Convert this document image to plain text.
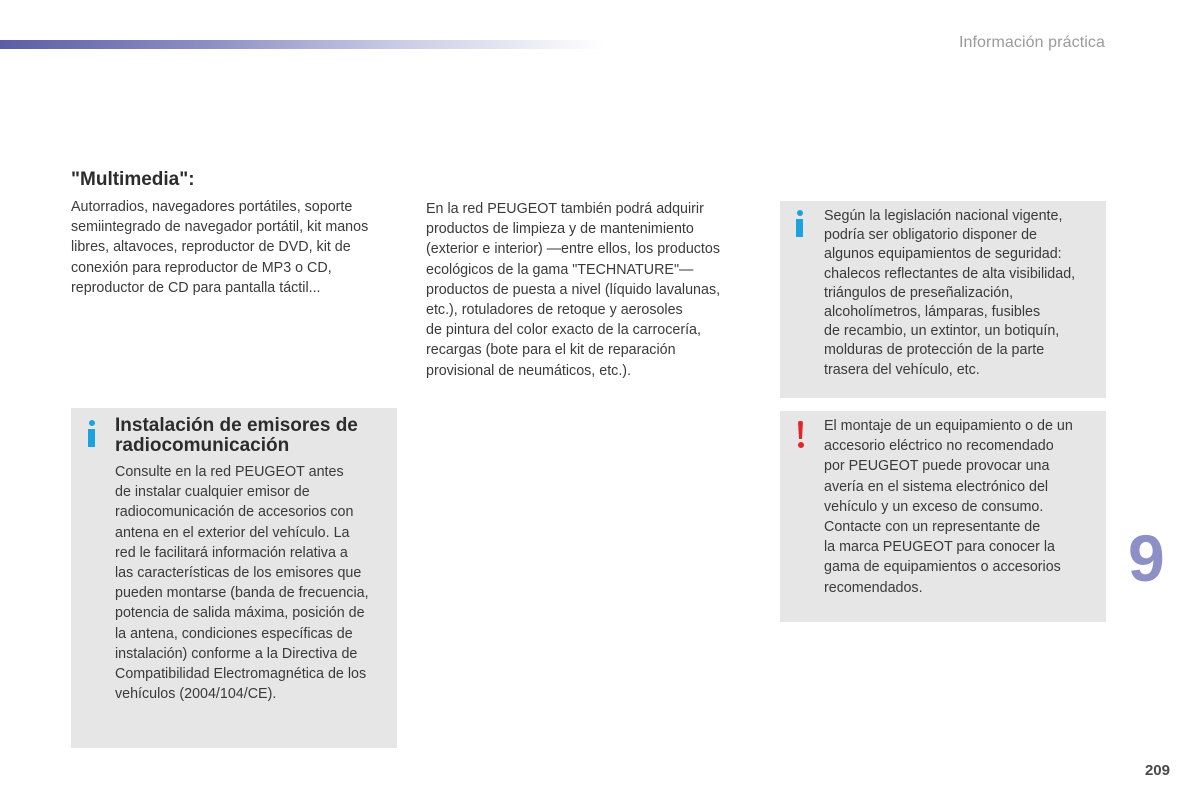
Información práctica
"Multimedia":
Autorradios, navegadores portátiles, soporte
semiintegrado de navegador portátil, kit manos
libres, altavoces, reproductor de DVD, kit de
conexión para reproductor de MP3 o CD,
reproductor de CD para pantalla táctil...
En la red PEUGEOT también podrá adquirir
productos de limpieza y de mantenimiento
(exterior e interior) —entre ellos, los productos
ecológicos de la gama "TECHNATURE"—
productos de puesta a nivel (líquido lavalunas,
etc.), rotuladores de retoque y aerosoles
de pintura del color exacto de la carrocería,
recargas (bote para el kit de reparación
provisional de neumáticos, etc.).
Instalación de emisores de
radiocomunicación
Consulte en la red PEUGEOT antes
de instalar cualquier emisor de
radiocomunicación de accesorios con
antena en el exterior del vehículo. La
red le facilitará información relativa a
las características de los emisores que
pueden montarse (banda de frecuencia,
potencia de salida máxima, posición de
la antena, condiciones específicas de
instalación) conforme a la Directiva de
Compatibilidad Electromagnética de los
vehículos (2004/104/CE).
Según la legislación nacional vigente,
podría ser obligatorio disponer de
algunos equipamientos de seguridad:
chalecos reflectantes de alta visibilidad,
triángulos de preseñalización,
alcoholímetros, lámparas, fusibles
de recambio, un extintor, un botiquín,
molduras de protección de la parte
trasera del vehículo, etc.
El montaje de un equipamiento o de un
accesorio eléctrico no recomendado
por PEUGEOT puede provocar una
avería en el sistema electrónico del
vehículo y un exceso de consumo.
Contacte con un representante de
la marca PEUGEOT para conocer la
gama de equipamientos o accesorios
recomendados.	9
209
